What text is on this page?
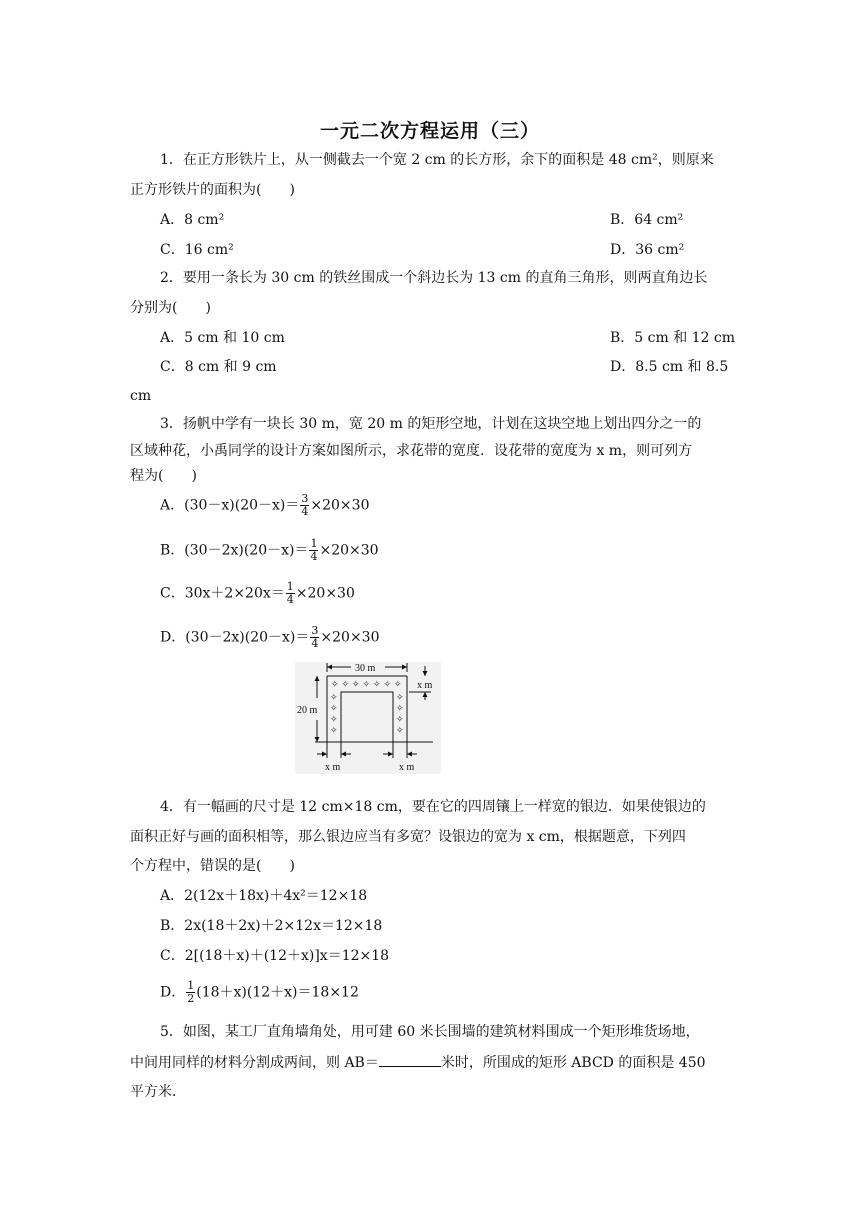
一元二次方程运用（三）
1．在正方形铁片上，从一侧截去一个宽 2 cm 的长方形，余下的面积是 48 cm²，则原来
正方形铁片的面积为(　　)
A．8 cm²	B．64 cm²
C．16 cm²	D．36 cm²
2．要用一条长为 30 cm 的铁丝围成一个斜边长为 13 cm 的直角三角形，则两直角边长
分别为(　　)
A．5 cm 和 10 cm	B．5 cm 和 12 cm
C．8 cm 和 9 cm	D．8.5 cm 和 8.5
cm
3．扬帆中学有一块长 30 m，宽 20 m 的矩形空地，计划在这块空地上划出四分之一的
区域种花，小禹同学的设计方案如图所示，求花带的宽度．设花带的宽度为 x m，则可列方
程为(　　)
A．$(30-x)(20-x)= \frac{3}{4} \times 20\times 30$
B．$(30-2x)(20-x)= \frac{1}{4} \times 20\times 30$
C．$30x+2\times 20x= \frac{1}{4} \times 20\times 30$
D．$(30-2x)(20-x)= \frac{3}{4} \times 20\times 30$
30 m
20 m
x m
x m	x m
✧ ✧ ✧ ✧ ✧ ✧ ✧
✧	✧
✧	✧
✧	✧
✧	✧
4．有一幅画的尺寸是 12 cm×18 cm，要在它的四周镶上一样宽的银边．如果使银边的
面积正好与画的面积相等，那么银边应当有多宽？设银边的宽为 x cm，根据题意，下列四
个方程中，错误的是(　　)
A．2(12x＋18x)＋4x²＝12×18
B．2x(18＋2x)＋2×12x＝12×18
C．2[(18＋x)＋(12＋x)]x＝12×18
D． $\frac{1}{2} (18+x)(12+x)=18\times 12$
5．如图，某工厂直角墙角处，用可建 60 米长围墙的建筑材料围成一个矩形堆货场地，
中间用同样的材料分割成两间，则 AB＝	米时，所围成的矩形 ABCD 的面积是 450
平方米．
